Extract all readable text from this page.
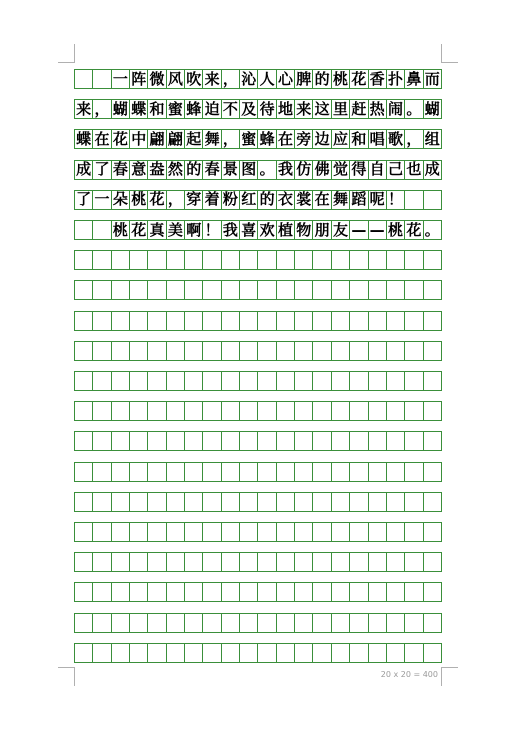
一 阵 微 风 吹 来 ， 沁 人 心 脾 的 桃 花 香 扑 鼻 而
来 ， 蝴 蝶 和 蜜 蜂 迫 不 及 待 地 来 这 里 赶 热 闹 。 蝴
蝶 在 花 中 翩 翩 起 舞 ， 蜜 蜂 在 旁 边 应 和 唱 歌 ， 组
成 了 春 意 盎 然 的 春 景 图 。 我 仿 佛 觉 得 自 己 也 成
了 一 朵 桃 花 ， 穿 着 粉 红 的 衣 裳 在 舞 蹈 呢 ！
桃 花 真 美 啊 ！ 我 喜 欢 植 物 朋 友 — — 桃 花 。
20 x 20 = 400
